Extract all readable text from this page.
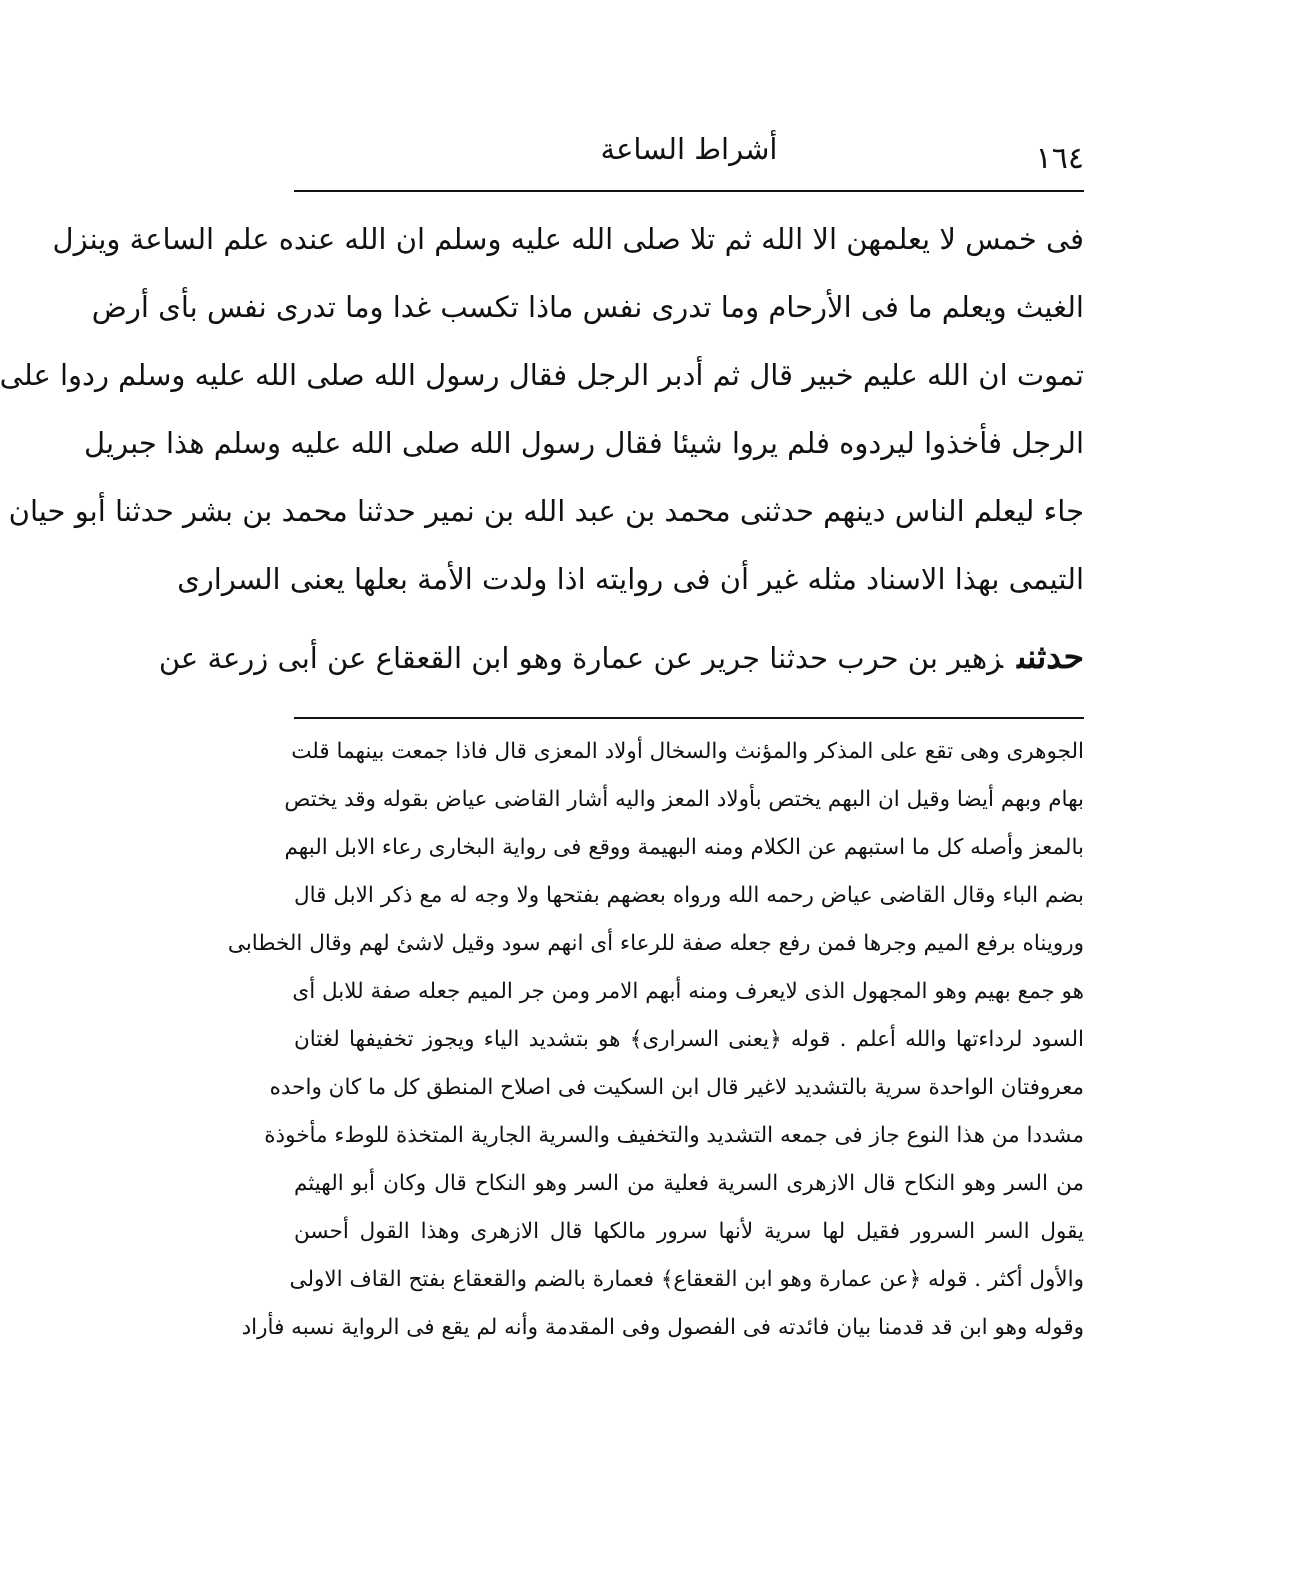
١٦٤
أشراط الساعة
فى خمس لا يعلمهن الا الله ثم تلا صلى الله عليه وسلم ان الله عنده علم الساعة وينزل
الغيث ويعلم ما فى الأرحام وما تدرى نفس ماذا تكسب غدا وما تدرى نفس بأى أرض
تموت ان الله عليم خبير قال ثم أدبر الرجل فقال رسول الله صلى الله عليه وسلم ردوا على
الرجل فأخذوا ليردوه فلم يروا شيئا فقال رسول الله صلى الله عليه وسلم هذا جبريل
جاء ليعلم الناس دينهم حدثنى محمد بن عبد الله بن نمير حدثنا محمد بن بشر حدثنا أبو حيان
التيمى بهذا الاسناد مثله غير أن فى روايته اذا ولدت الأمة بعلها يعنى السرارى
حدثنىزهير بن حرب حدثنا جرير عن عمارة وهو ابن القعقاع عن أبى زرعة عن
الجوهرى وهى تقع على المذكر والمؤنث والسخال أولاد المعزى قال فاذا جمعت بينهما قلت
بهام وبهم أيضا وقيل ان البهم يختص بأولاد المعز واليه أشار القاضى عياض بقوله وقد يختص
بالمعز وأصله كل ما استبهم عن الكلام ومنه البهيمة ووقع فى رواية البخارى رعاء الابل البهم
بضم الباء وقال القاضى عياض رحمه الله ورواه بعضهم بفتحها ولا وجه له مع ذكر الابل قال
ورويناه برفع الميم وجرها فمن رفع جعله صفة للرعاء أى انهم سود وقيل لاشئ لهم وقال الخطابى
هو جمع بهيم وهو المجهول الذى لايعرف ومنه أبهم الامر ومن جر الميم جعله صفة للابل أى
السود لرداءتها والله أعلم . قوله ﴿يعنى السرارى﴾ هو بتشديد الياء ويجوز تخفيفها لغتان
معروفتان الواحدة سرية بالتشديد لاغير قال ابن السكيت فى اصلاح المنطق كل ما كان واحده
مشددا من هذا النوع جاز فى جمعه التشديد والتخفيف والسرية الجارية المتخذة للوطء مأخوذة
من السر وهو النكاح قال الازهرى السرية فعلية من السر وهو النكاح قال وكان أبو الهيثم
يقول السر السرور فقيل لها سرية لأنها سرور مالكها قال الازهرى وهذا القول أحسن
والأول أكثر . قوله ﴿عن عمارة وهو ابن القعقاع﴾ فعمارة بالضم والقعقاع بفتح القاف الاولى
وقوله وهو ابن قد قدمنا بيان فائدته فى الفصول وفى المقدمة وأنه لم يقع فى الرواية نسبه فأراد
